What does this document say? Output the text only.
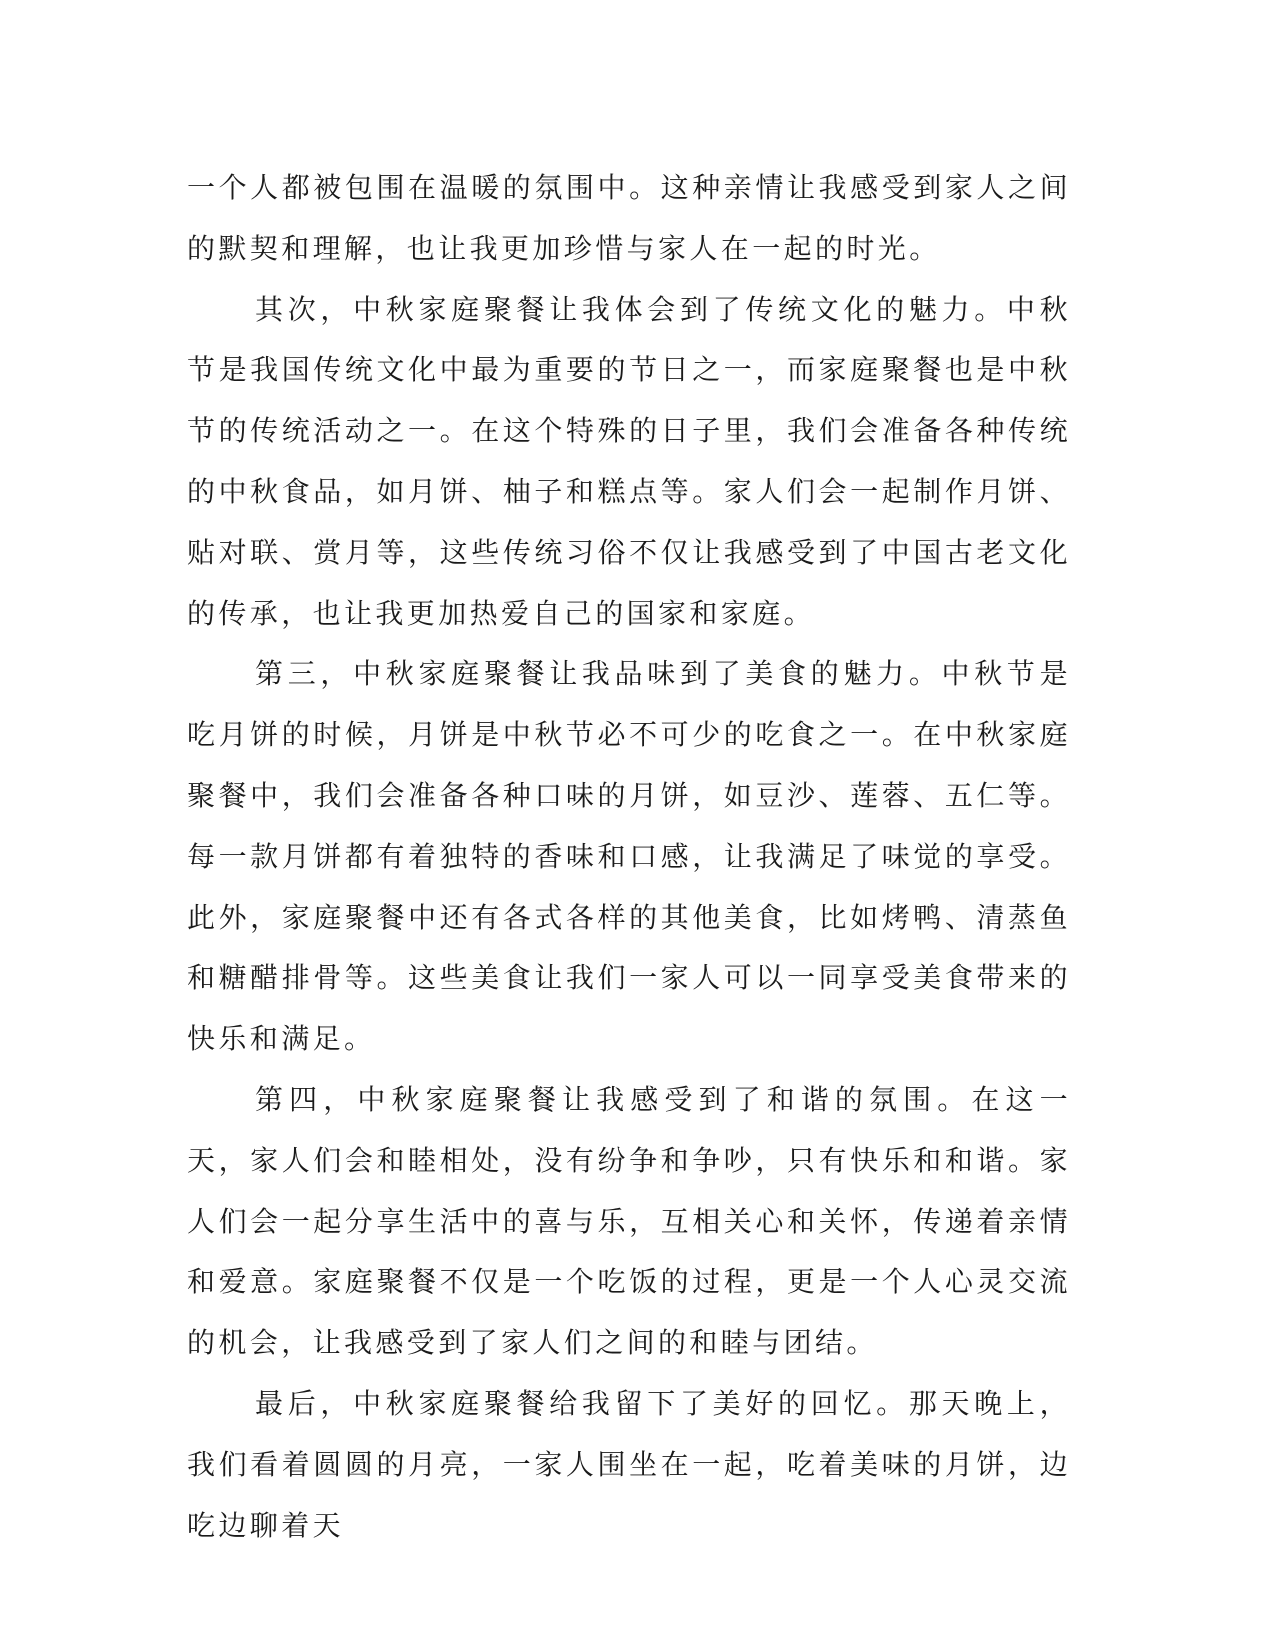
一个人都被包围在温暖的氛围中。这种亲情让我感受到家人之间的默契和理解，也让我更加珍惜与家人在一起的时光。

其次，中秋家庭聚餐让我体会到了传统文化的魅力。中秋节是我国传统文化中最为重要的节日之一，而家庭聚餐也是中秋节的传统活动之一。在这个特殊的日子里，我们会准备各种传统的中秋食品，如月饼、柚子和糕点等。家人们会一起制作月饼、贴对联、赏月等，这些传统习俗不仅让我感受到了中国古老文化的传承，也让我更加热爱自己的国家和家庭。

第三，中秋家庭聚餐让我品味到了美食的魅力。中秋节是吃月饼的时候，月饼是中秋节必不可少的吃食之一。在中秋家庭聚餐中，我们会准备各种口味的月饼，如豆沙、莲蓉、五仁等。每一款月饼都有着独特的香味和口感，让我满足了味觉的享受。此外，家庭聚餐中还有各式各样的其他美食，比如烤鸭、清蒸鱼和糖醋排骨等。这些美食让我们一家人可以一同享受美食带来的快乐和满足。

第四，中秋家庭聚餐让我感受到了和谐的氛围。在这一天，家人们会和睦相处，没有纷争和争吵，只有快乐和和谐。家人们会一起分享生活中的喜与乐，互相关心和关怀，传递着亲情和爱意。家庭聚餐不仅是一个吃饭的过程，更是一个人心灵交流的机会，让我感受到了家人们之间的和睦与团结。

最后，中秋家庭聚餐给我留下了美好的回忆。那天晚上，我们看着圆圆的月亮，一家人围坐在一起，吃着美味的月饼，边吃边聊着天
